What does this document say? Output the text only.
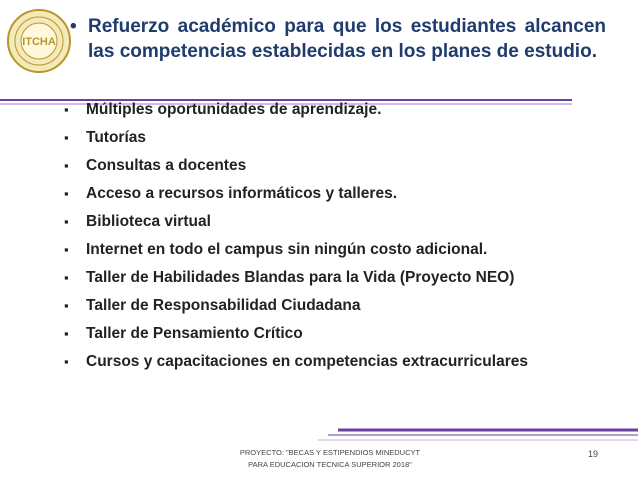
ITCHA
• Refuerzo académico para que los estudiantes alcancen las competencias establecidas en los planes de estudio.
▪ Múltiples oportunidades de aprendizaje.
▪ Tutorías
▪ Consultas a docentes
▪ Acceso a recursos informáticos y talleres.
▪ Biblioteca virtual
▪ Internet en todo el campus sin ningún costo adicional.
▪ Taller de Habilidades Blandas para la Vida (Proyecto NEO)
▪ Taller de Responsabilidad Ciudadana
▪ Taller de Pensamiento Crítico
▪ Cursos y capacitaciones en competencias extracurriculares
PROYECTO: "BECAS Y ESTIPENDIOS MINEDUCYT
PARA EDUCACION TECNICA SUPERIOR 2018"
19
